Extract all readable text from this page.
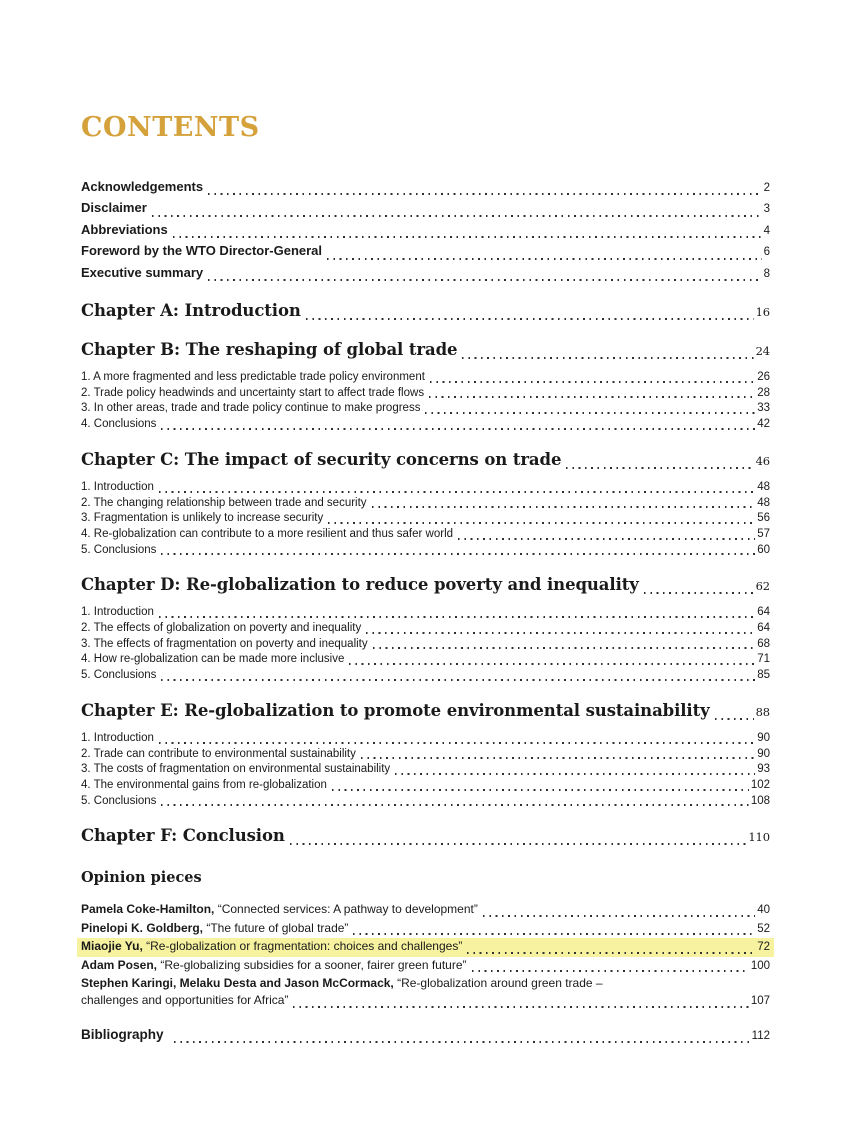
CONTENTS
Acknowledgements	2
Disclaimer	3
Abbreviations	4
Foreword by the WTO Director-General	6
Executive summary	8
Chapter A: Introduction	16
Chapter B: The reshaping of global trade	24
1. A more fragmented and less predictable trade policy environment	26
2. Trade policy headwinds and uncertainty start to affect trade flows	28
3. In other areas, trade and trade policy continue to make progress	33
4. Conclusions	42
Chapter C: The impact of security concerns on trade	46
1. Introduction	48
2. The changing relationship between trade and security	48
3. Fragmentation is unlikely to increase security	56
4. Re-globalization can contribute to a more resilient and thus safer world	57
5. Conclusions	60
Chapter D: Re-globalization to reduce poverty and inequality	62
1. Introduction	64
2. The effects of globalization on poverty and inequality	64
3. The effects of fragmentation on poverty and inequality	68
4. How re-globalization can be made more inclusive	71
5. Conclusions	85
Chapter E: Re-globalization to promote environmental sustainability	88
1. Introduction	90
2. Trade can contribute to environmental sustainability	90
3. The costs of fragmentation on environmental sustainability	93
4. The environmental gains from re-globalization	102
5. Conclusions	108
Chapter F: Conclusion	110
Opinion pieces
Pamela Coke-Hamilton, “Connected services: A pathway to development”	40
Pinelopi K. Goldberg, “The future of global trade”	52
Miaojie Yu, “Re-globalization or fragmentation: choices and challenges”	72
Adam Posen, “Re-globalizing subsidies for a sooner, fairer green future”	100
Stephen Karingi, Melaku Desta and Jason McCormack, “Re-globalization around green trade –
challenges and opportunities for Africa”	107
Bibliography	112
